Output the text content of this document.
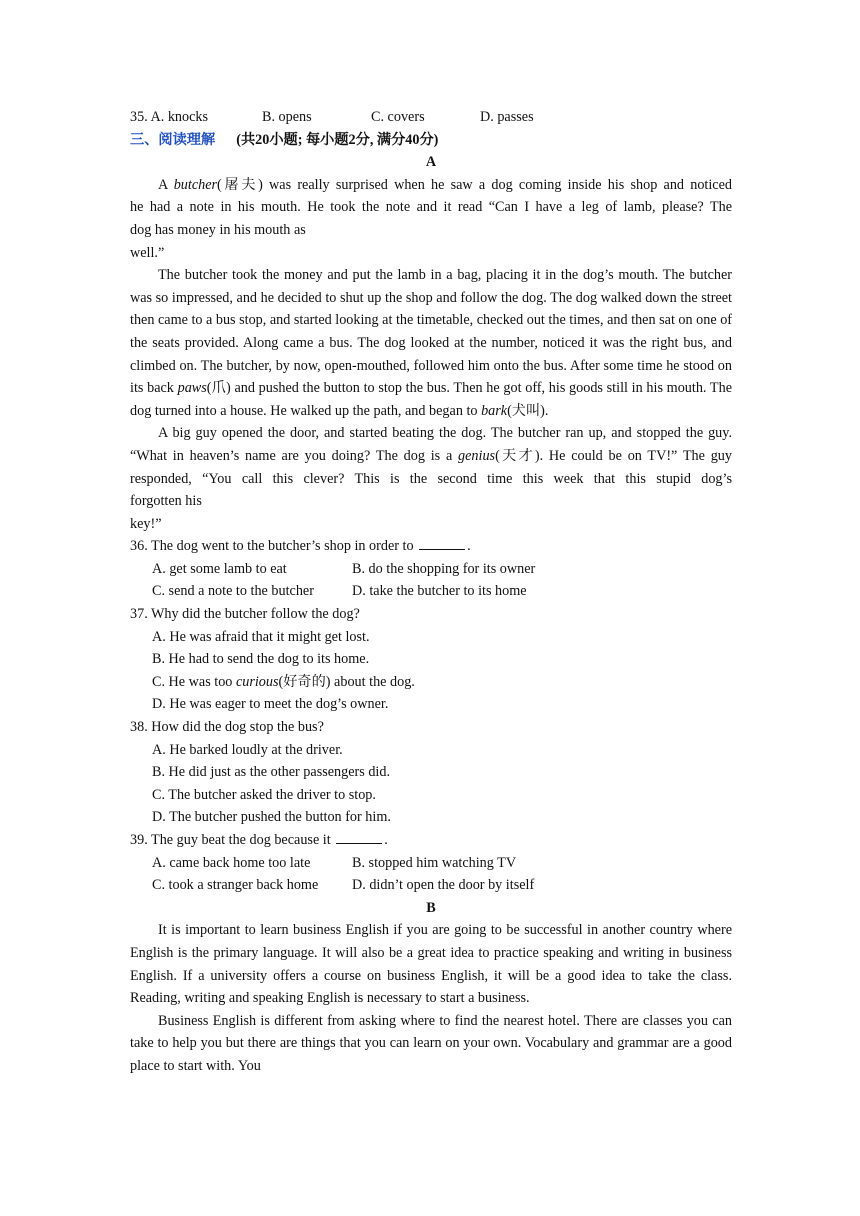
35. A. knocks	B. opens	C. covers	D. passes
三、阅读理解 (共20小题; 每小题2分, 满分40分)
A
A butcher(屠夫) was really surprised when he saw a dog coming inside his shop and noticed
he had a note in his mouth. He took the note and it read “Can I have a leg of lamb, please? The
dog has money in his mouth as
well.”

The butcher took the money and put the lamb in a bag, placing it in the dog’s mouth. The butcher was so impressed, and he decided to shut up the shop and follow the dog. The dog walked down the street then came to a bus stop, and started looking at the timetable, checked out the times, and then sat on one of the seats provided. Along came a bus. The dog looked at the number, noticed it was the right bus, and climbed on. The butcher, by now, open-mouthed, followed him onto the bus. After some time he stood on its back paws(爪) and pushed the button to stop the bus. Then he got off, his goods still in his mouth. The dog turned into a house. He walked up the path, and began to bark(犬叫).

A big guy opened the door, and started beating the dog. The butcher ran up, and stopped the guy. “What in heaven’s name are you doing? The dog is a genius(天才). He could be on TV!” The guy responded, “You call this clever? This is the second time this week that this stupid dog’s

forgotten his
key!”
36. The dog went to the butcher’s shop in order to	.
A. get some lamb to eat	B. do the shopping for its owner
C. send a note to the butcher	D. take the butcher to its home
37. Why did the butcher follow the dog?
A. He was afraid that it might get lost.
B. He had to send the dog to its home.
C. He was too curious(好奇的) about the dog.
D. He was eager to meet the dog’s owner.
38. How did the dog stop the bus?
A. He barked loudly at the driver.
B. He did just as the other passengers did.
C. The butcher asked the driver to stop.
D. The butcher pushed the button for him.
39. The guy beat the dog because it	.
A. came back home too late	B. stopped him watching TV
C. took a stranger back home D. didn’t open the door by itself
B

It is important to learn business English if you are going to be successful in another country where English is the primary language. It will also be a great idea to practice speaking and writing in business English. If a university offers a course on business English, it will be a good idea to take the class. Reading, writing and speaking English is necessary to start a business.

Business English is different from asking where to find the nearest hotel. There are classes you can take to help you but there are things that you can learn on your own. Vocabulary and grammar are a good place to start with. You
